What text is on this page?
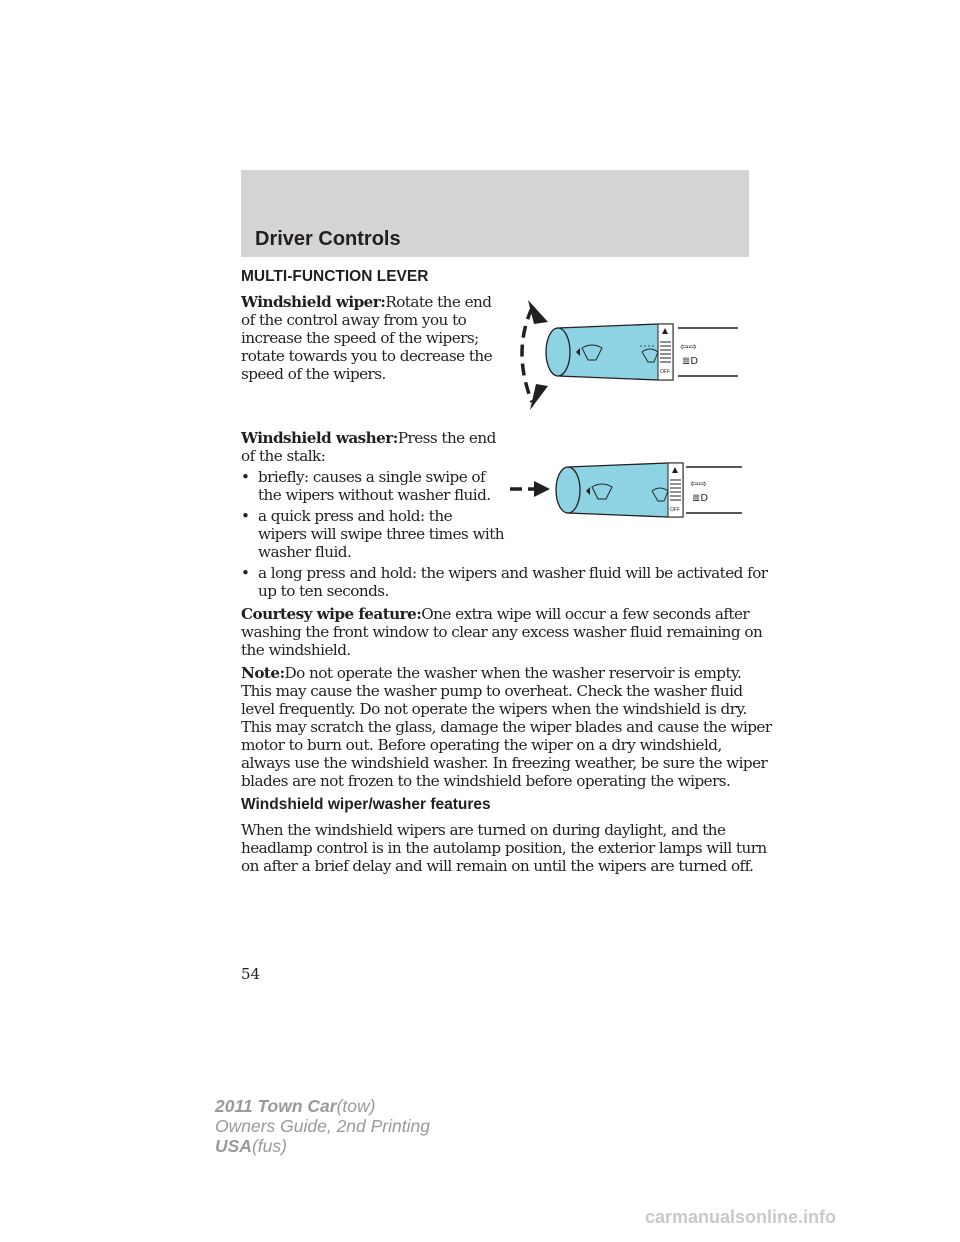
Driver Controls
MULTI-FUNCTION LEVER
Windshield wiper:Rotate the end
of the control away from you to
increase the speed of the wipers;
rotate towards you to decrease the
speed of the wipers.	OFF
⇦⇨
≣D
Windshield washer:Press the end
of the stalk:
• briefly: causes a single swipe of
the wipers without washer fluid.
• a quick press and hold: the
wipers will swipe three times with
washer fluid.
• a long press and hold: the wipers and washer fluid will be activated for
up to ten seconds.
OFF
⇦⇨
≣D
Courtesy wipe feature:One extra wipe will occur a few seconds after
washing the front window to clear any excess washer fluid remaining on
the windshield.
Note:Do not operate the washer when the washer reservoir is empty.
This may cause the washer pump to overheat. Check the washer fluid
level frequently. Do not operate the wipers when the windshield is dry.
This may scratch the glass, damage the wiper blades and cause the wiper
motor to burn out. Before operating the wiper on a dry windshield,
always use the windshield washer. In freezing weather, be sure the wiper
blades are not frozen to the windshield before operating the wipers.
Windshield wiper/washer features
When the windshield wipers are turned on during daylight, and the
headlamp control is in the autolamp position, the exterior lamps will turn
on after a brief delay and will remain on until the wipers are turned off.
54
2011 Town Car(tow)
Owners Guide, 2nd Printing
USA(fus)
carmanualsonline.info
